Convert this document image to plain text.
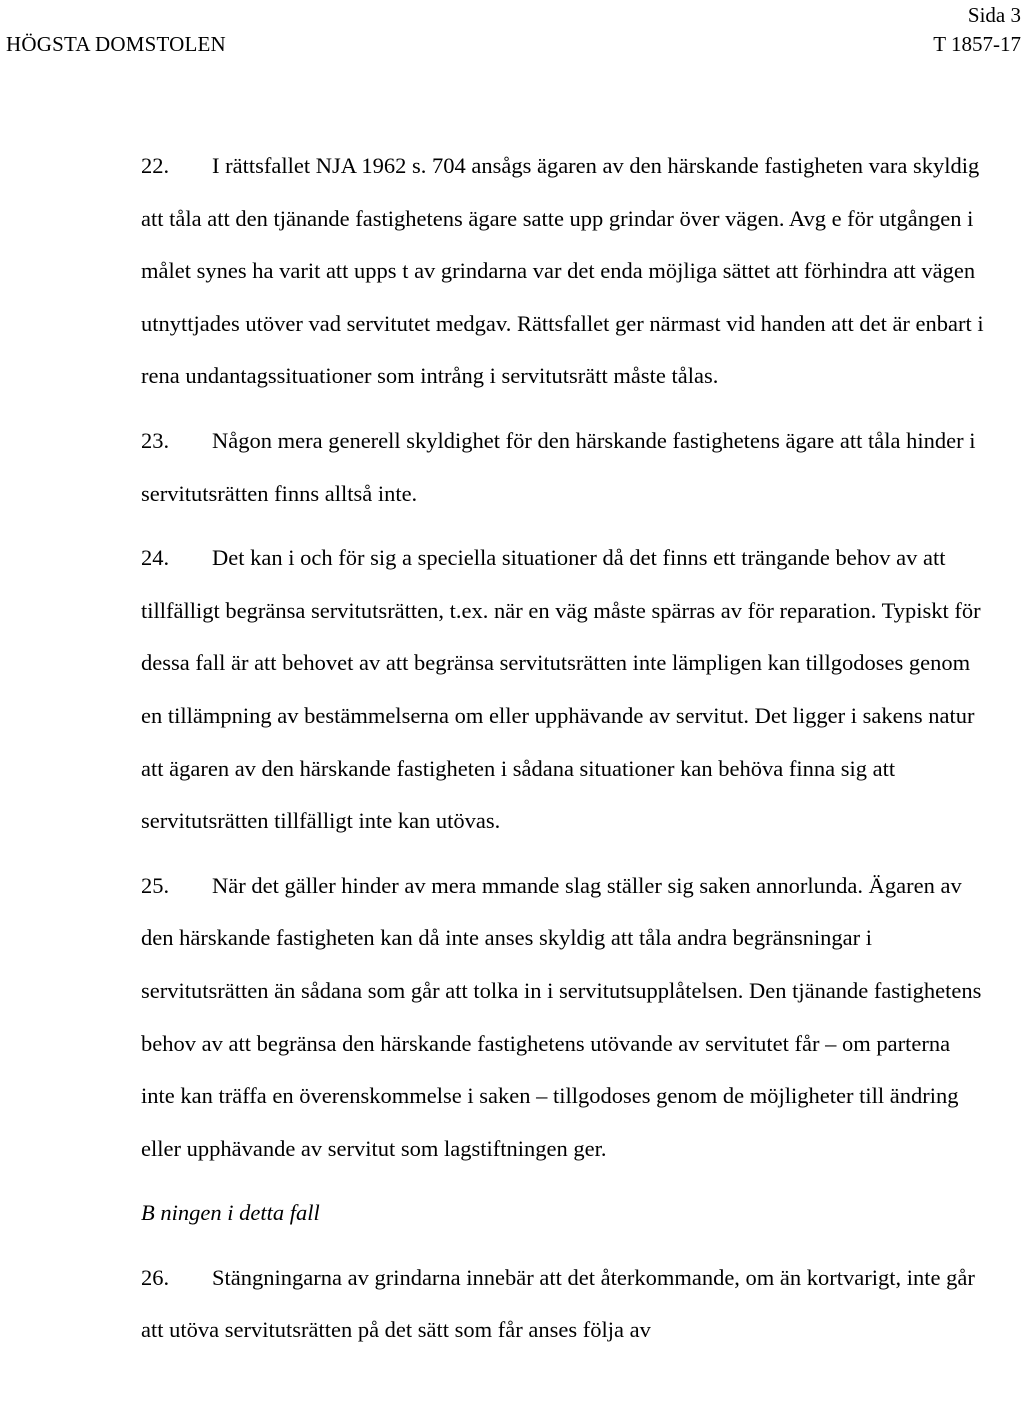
HÖGSTA DOMSTOLEN
Sida 3
T 1857-17

22. I rättsfallet NJA 1962 s. 704 ansågs ägaren av den härskande fastigheten vara skyldig att tåla att den tjänande fastighetens ägare satte upp grindar över vägen. Avg e för utgången i målet synes ha varit att upps t av grindarna var det enda möjliga sättet att förhindra att vägen utnyttjades utöver vad servitutet medgav. Rättsfallet ger närmast vid handen att det är enbart i rena undantagssituationer som intrång i servitutsrätt måste tålas.

23. Någon mera generell skyldighet för den härskande fastighetens ägare att tåla hinder i servitutsrätten finns alltså inte.

24. Det kan i och för sig a speciella situationer då det finns ett trängande behov av att tillfälligt begränsa servitutsrätten, t.ex. när en väg måste spärras av för reparation. Typiskt för dessa fall är att behovet av att begränsa servitutsrätten inte lämpligen kan tillgodoses genom en tillämpning av bestämmelserna om eller upphävande av servitut. Det ligger i sakens natur att ägaren av den härskande fastigheten i sådana situationer kan behöva finna sig att servitutsrätten tillfälligt inte kan utövas.

25. När det gäller hinder av mera mmande slag ställer sig saken annorlunda. Ägaren av den härskande fastigheten kan då inte anses skyldig att tåla andra begränsningar i servitutsrätten än sådana som går att tolka in i servitutsupplåtelsen. Den tjänande fastighetens behov av att begränsa den härskande fastighetens utövande av servitutet får – om parterna inte kan träffa en överenskommelse i saken – tillgodoses genom de möjligheter till ändring eller upphävande av servitut som lagstiftningen ger.

B ningen i detta fall

26. Stängningarna av grindarna innebär att det återkommande, om än kortvarigt, inte går att utöva servitutsrätten på det sätt som får anses följa av
